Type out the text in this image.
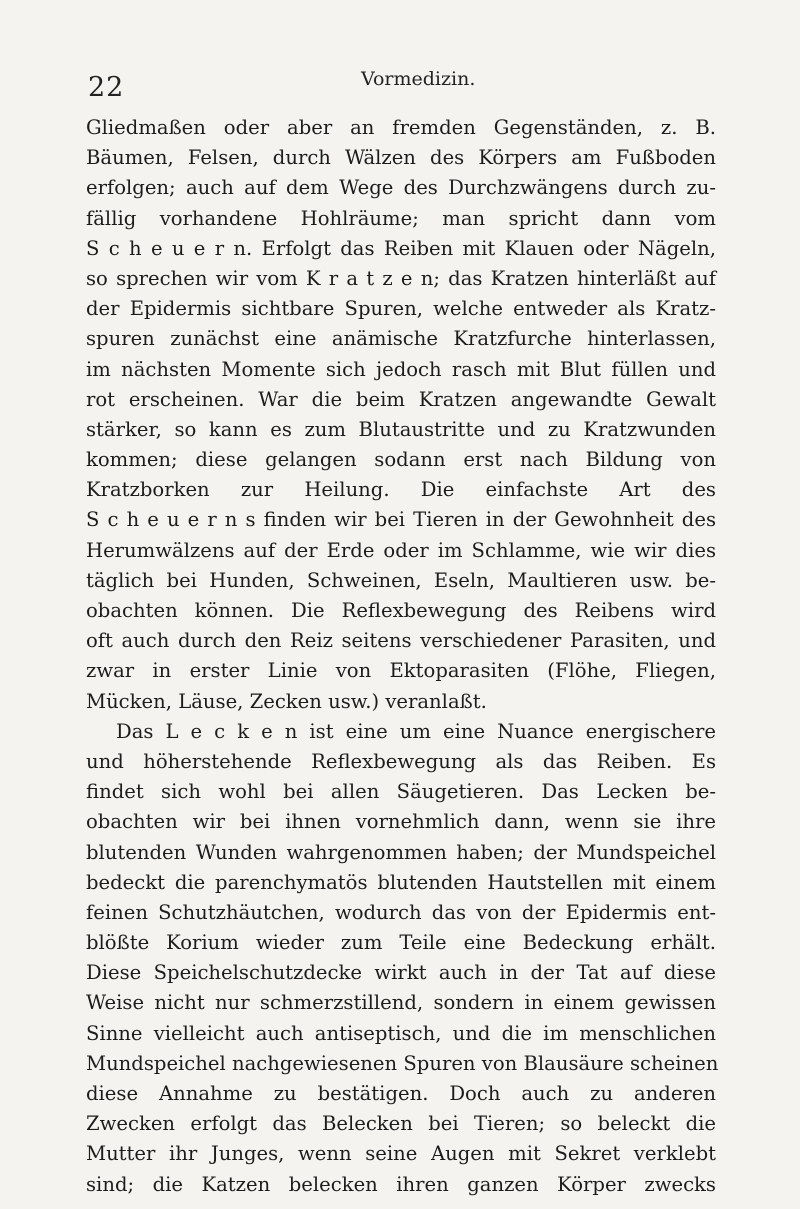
22	Vormedizin.
Gliedmaßen oder aber an fremden Gegenständen, z. B.
Bäumen, Felsen, durch Wälzen des Körpers am Fußboden
erfolgen; auch auf dem Wege des Durchzwängens durch zu-
fällig vorhandene Hohlräume; man spricht dann vom
S c h e u e r n. Erfolgt das Reiben mit Klauen oder Nägeln,
so sprechen wir vom K r a t z e n; das Kratzen hinterläßt auf
der Epidermis sichtbare Spuren, welche entweder als Kratz-
spuren zunächst eine anämische Kratzfurche hinterlassen,
im nächsten Momente sich jedoch rasch mit Blut füllen und
rot erscheinen. War die beim Kratzen angewandte Gewalt
stärker, so kann es zum Blutaustritte und zu Kratzwunden
kommen; diese gelangen sodann erst nach Bildung von
Kratzborken zur Heilung. Die einfachste Art des
S c h e u e r n s finden wir bei Tieren in der Gewohnheit des
Herumwälzens auf der Erde oder im Schlamme, wie wir dies
täglich bei Hunden, Schweinen, Eseln, Maultieren usw. be-
obachten können. Die Reflexbewegung des Reibens wird
oft auch durch den Reiz seitens verschiedener Parasiten, und
zwar in erster Linie von Ektoparasiten (Flöhe, Fliegen,
Mücken, Läuse, Zecken usw.) veranlaßt.
Das L e c k e n ist eine um eine Nuance energischere
und höherstehende Reflexbewegung als das Reiben. Es
findet sich wohl bei allen Säugetieren. Das Lecken be-
obachten wir bei ihnen vornehmlich dann, wenn sie ihre
blutenden Wunden wahrgenommen haben; der Mundspeichel
bedeckt die parenchymatös blutenden Hautstellen mit einem
feinen Schutzhäutchen, wodurch das von der Epidermis ent-
blößte Korium wieder zum Teile eine Bedeckung erhält.
Diese Speichelschutzdecke wirkt auch in der Tat auf diese
Weise nicht nur schmerzstillend, sondern in einem gewissen
Sinne vielleicht auch antiseptisch, und die im menschlichen
Mundspeichel nachgewiesenen Spuren von Blausäure scheinen
diese Annahme zu bestätigen. Doch auch zu anderen
Zwecken erfolgt das Belecken bei Tieren; so beleckt die
Mutter ihr Junges, wenn seine Augen mit Sekret verklebt
sind; die Katzen belecken ihren ganzen Körper zwecks
